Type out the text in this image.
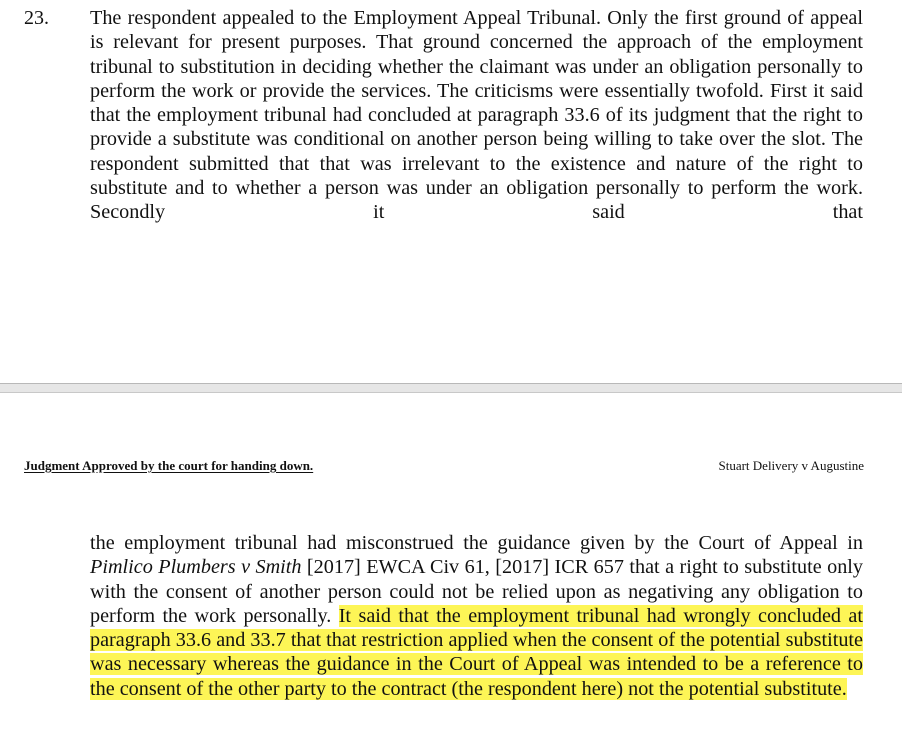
23. The respondent appealed to the Employment Appeal Tribunal. Only the first ground of appeal is relevant for present purposes. That ground concerned the approach of the employment tribunal to substitution in deciding whether the claimant was under an obligation personally to perform the work or provide the services. The criticisms were essentially twofold. First it said that the employment tribunal had concluded at paragraph 33.6 of its judgment that the right to provide a substitute was conditional on another person being willing to take over the slot. The respondent submitted that that was irrelevant to the existence and nature of the right to substitute and to whether a person was under an obligation personally to perform the work. Secondly it said that
Judgment Approved by the court for handing down.	Stuart Delivery v Augustine
the employment tribunal had misconstrued the guidance given by the Court of Appeal in Pimlico Plumbers v Smith [2017] EWCA Civ 61, [2017] ICR 657 that a right to substitute only with the consent of another person could not be relied upon as negativing any obligation to perform the work personally. It said that the employment tribunal had wrongly concluded at paragraph 33.6 and 33.7 that that restriction applied when the consent of the potential substitute was necessary whereas the guidance in the Court of Appeal was intended to be a reference to the consent of the other party to the contract (the respondent here) not the potential substitute.
